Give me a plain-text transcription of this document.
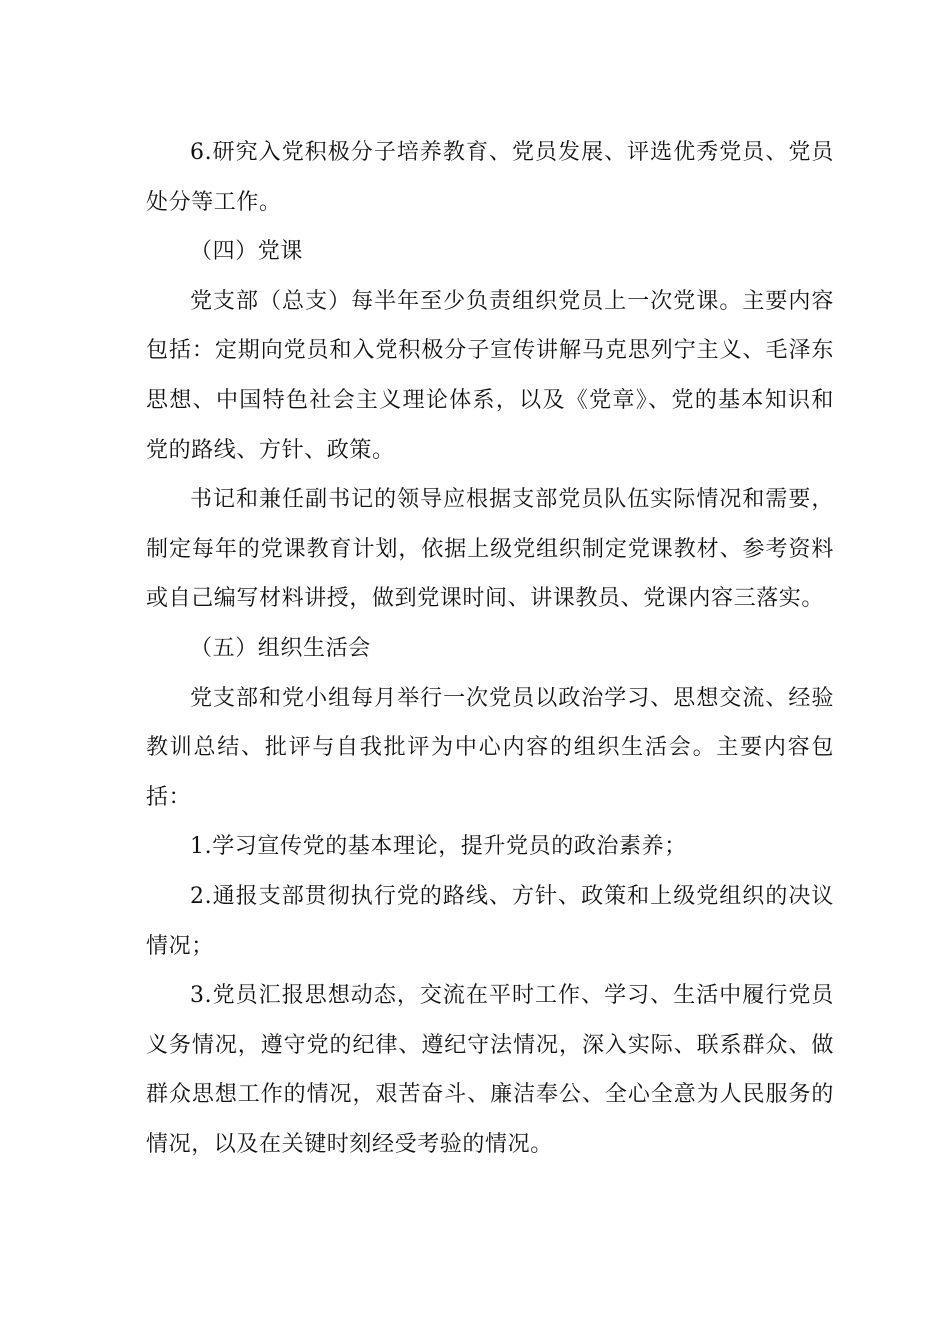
6.研究入党积极分子培养教育、党员发展、评选优秀党员、党员处分等工作。

（四）党课

党支部（总支）每半年至少负责组织党员上一次党课。主要内容包括：定期向党员和入党积极分子宣传讲解马克思列宁主义、毛泽东思想、中国特色社会主义理论体系，以及《党章》、党的基本知识和党的路线、方针、政策。

书记和兼任副书记的领导应根据支部党员队伍实际情况和需要，制定每年的党课教育计划，依据上级党组织制定党课教材、参考资料或自己编写材料讲授，做到党课时间、讲课教员、党课内容三落实。

（五）组织生活会

党支部和党小组每月举行一次党员以政治学习、思想交流、经验教训总结、批评与自我批评为中心内容的组织生活会。主要内容包括：

1.学习宣传党的基本理论，提升党员的政治素养；

2.通报支部贯彻执行党的路线、方针、政策和上级党组织的决议情况；

3.党员汇报思想动态，交流在平时工作、学习、生活中履行党员义务情况，遵守党的纪律、遵纪守法情况，深入实际、联系群众、做群众思想工作的情况，艰苦奋斗、廉洁奉公、全心全意为人民服务的情况，以及在关键时刻经受考验的情况。
